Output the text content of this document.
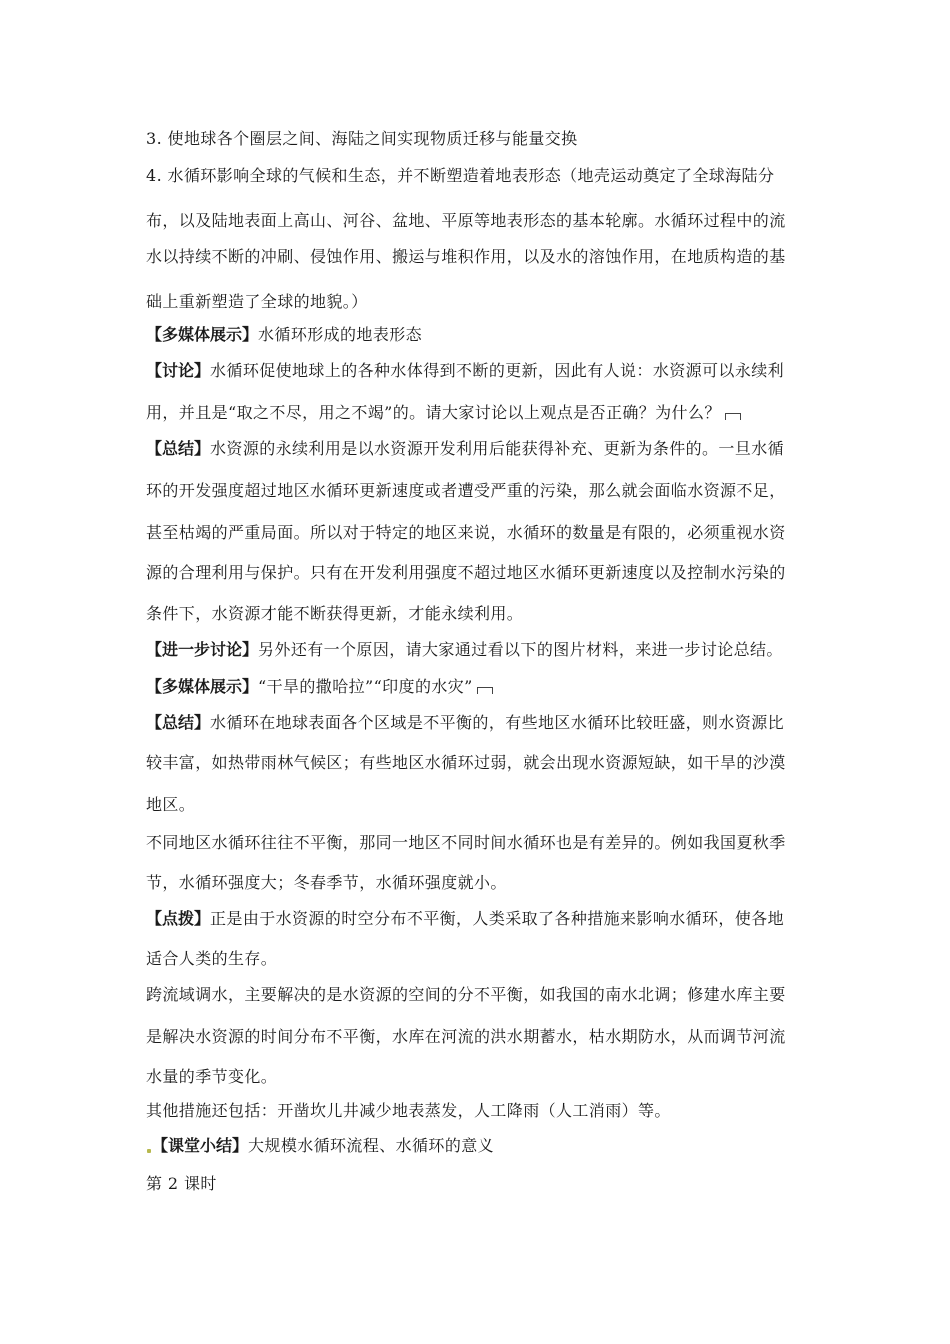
3. 使地球各个圈层之间、海陆之间实现物质迁移与能量交换
4. 水循环影响全球的气候和生态，并不断塑造着地表形态（地壳运动奠定了全球海陆分
布，以及陆地表面上高山、河谷、盆地、平原等地表形态的基本轮廓。水循环过程中的流
水以持续不断的冲刷、侵蚀作用、搬运与堆积作用，以及水的溶蚀作用，在地质构造的基
础上重新塑造了全球的地貌。）
【多媒体展示】水循环形成的地表形态
【讨论】水循环促使地球上的各种水体得到不断的更新，因此有人说：水资源可以永续利
用，并且是“取之不尽，用之不竭”的。请大家讨论以上观点是否正确？为什么？
【总结】水资源的永续利用是以水资源开发利用后能获得补充、更新为条件的。一旦水循
环的开发强度超过地区水循环更新速度或者遭受严重的污染，那么就会面临水资源不足，
甚至枯竭的严重局面。所以对于特定的地区来说，水循环的数量是有限的，必须重视水资
源的合理利用与保护。只有在开发利用强度不超过地区水循环更新速度以及控制水污染的
条件下，水资源才能不断获得更新，才能永续利用。
【进一步讨论】另外还有一个原因，请大家通过看以下的图片材料，来进一步讨论总结。
【多媒体展示】“干旱的撒哈拉”“印度的水灾”
【总结】水循环在地球表面各个区域是不平衡的，有些地区水循环比较旺盛，则水资源比
较丰富，如热带雨林气候区；有些地区水循环过弱，就会出现水资源短缺，如干旱的沙漠
地区。
不同地区水循环往往不平衡，那同一地区不同时间水循环也是有差异的。例如我国夏秋季
节，水循环强度大；冬春季节，水循环强度就小。
【点拨】正是由于水资源的时空分布不平衡，人类采取了各种措施来影响水循环，使各地
适合人类的生存。
跨流域调水，主要解决的是水资源的空间的分不平衡，如我国的南水北调；修建水库主要
是解决水资源的时间分布不平衡，水库在河流的洪水期蓄水，枯水期防水，从而调节河流
水量的季节变化。
其他措施还包括：开凿坎儿井减少地表蒸发，人工降雨（人工消雨）等。
【课堂小结】大规模水循环流程、水循环的意义
第 2 课时
